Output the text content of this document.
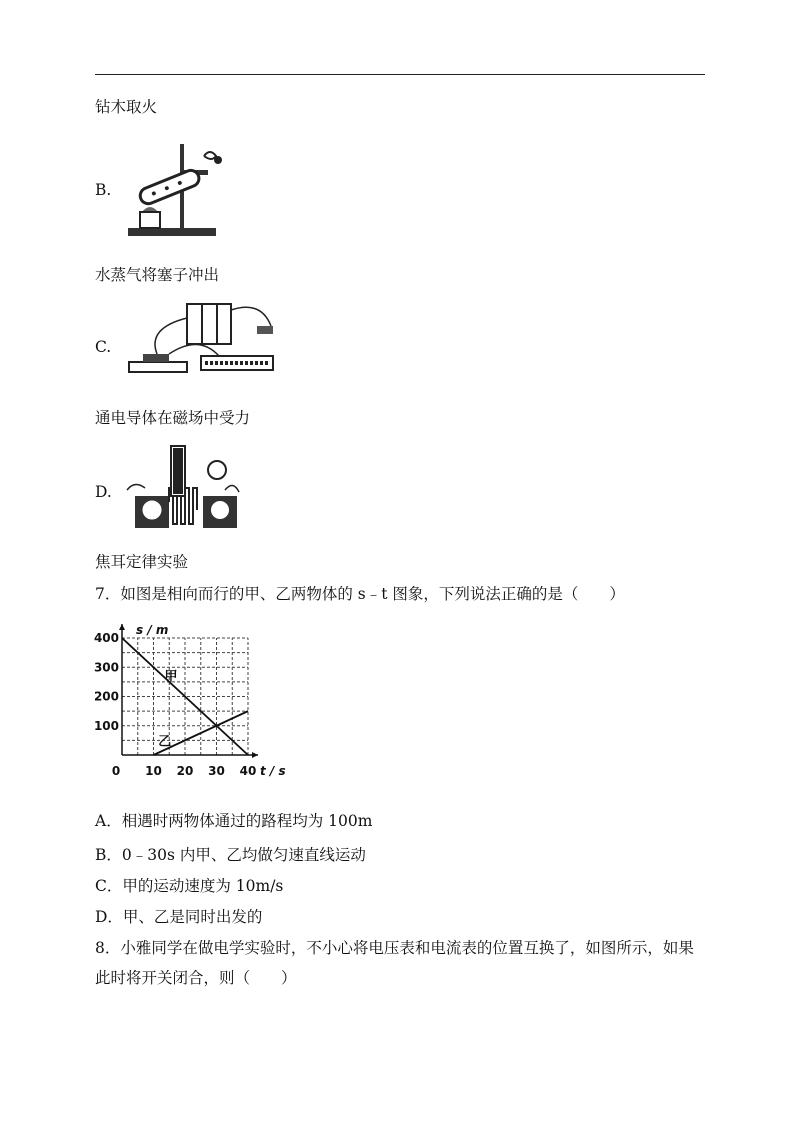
钻木取火
B.
水蒸气将塞子冲出
C.
通电导体在磁场中受力
D.
焦耳定律实验
7．如图是相向而行的甲、乙两物体的 s﹣t 图象，下列说法正确的是（　　）
0 10 20 30 40
100
200
300
400
s / m
t / s
甲
乙
A．相遇时两物体通过的路程均为 100m
B．0﹣30s 内甲、乙均做匀速直线运动
C．甲的运动速度为 10m/s
D．甲、乙是同时出发的
8．小雅同学在做电学实验时，不小心将电压表和电流表的位置互换了，如图所示，如果
此时将开关闭合，则（　　）
